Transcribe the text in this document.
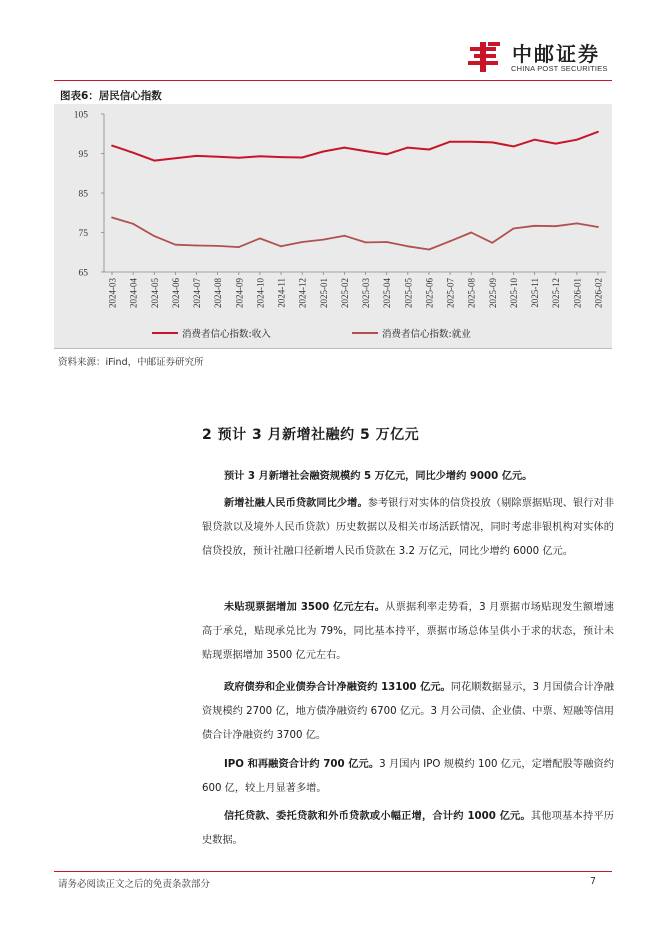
中邮证券
CHINA POST SECURITIES
图表6：居民信心指数
65
75
85
95
105
2024-03 2024-04 2024-05 2024-06 2024-07 2024-08 2024-09 2024-10 2024-11 2024-12 2025-01 2025-02 2025-03 2025-04 2025-05 2025-06 2025-07 2025-08 2025-09 2025-10 2025-11 2025-12 2026-01 2026-02
消费者信心指数:收入	消费者信心指数:就业
资料来源：iFind，中邮证券研究所
2 预计 3 月新增社融约 5 万亿元

预计 3 月新增社会融资规模约 5 万亿元，同比少增约 9000 亿元。

新增社融人民币贷款同比少增。参考银行对实体的信贷投放（剔除票据贴现、银行对非银贷款以及境外人民币贷款）历史数据以及相关市场活跃情况，同时考虑非银机构对实体的信贷投放，预计社融口径新增人民币贷款在 3.2 万亿元，同比少增约 6000 亿元。

未贴现票据增加 3500 亿元左右。从票据利率走势看，3 月票据市场贴现发生额增速高于承兑，贴现承兑比为 79%，同比基本持平，票据市场总体呈供小于求的状态，预计未贴现票据增加 3500 亿元左右。

政府债券和企业债券合计净融资约 13100 亿元。同花顺数据显示，3 月国债合计净融资规模约 2700 亿，地方债净融资约 6700 亿元。3 月公司债、企业债、中票、短融等信用债合计净融资约 3700 亿。

IPO 和再融资合计约 700 亿元。3 月国内 IPO 规模约 100 亿元，定增配股等融资约 600 亿，较上月显著多增。

信托贷款、委托贷款和外币贷款或小幅正增，合计约 1000 亿元。其他项基本持平历史数据。

请务必阅读正文之后的免责条款部分	7
